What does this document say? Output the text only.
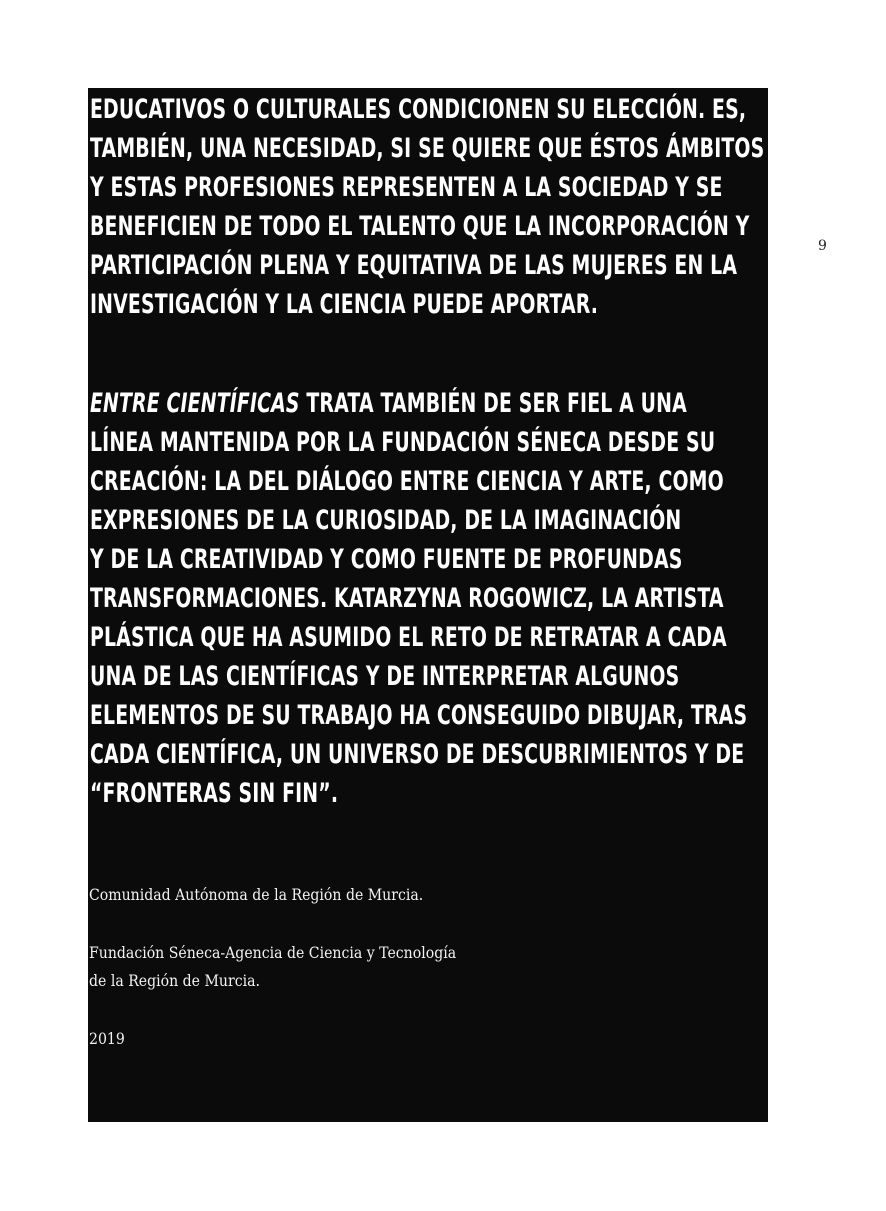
9
EDUCATIVOS O CULTURALES CONDICIONEN SU ELECCIÓN. ES,
TAMBIÉN, UNA NECESIDAD, SI SE QUIERE QUE ÉSTOS ÁMBITOS
Y ESTAS PROFESIONES REPRESENTEN A LA SOCIEDAD Y SE
BENEFICIEN DE TODO EL TALENTO QUE LA INCORPORACIÓN Y
PARTICIPACIÓN PLENA Y EQUITATIVA DE LAS MUJERES EN LA
INVESTIGACIÓN Y LA CIENCIA PUEDE APORTAR.
ENTRE CIENTÍFICAS TRATA TAMBIÉN DE SER FIEL A UNA
LÍNEA MANTENIDA POR LA FUNDACIÓN SÉNECA DESDE SU
CREACIÓN: LA DEL DIÁLOGO ENTRE CIENCIA Y ARTE, COMO
EXPRESIONES DE LA CURIOSIDAD, DE LA IMAGINACIÓN
Y DE LA CREATIVIDAD Y COMO FUENTE DE PROFUNDAS
TRANSFORMACIONES. KATARZYNA ROGOWICZ, LA ARTISTA
PLÁSTICA QUE HA ASUMIDO EL RETO DE RETRATAR A CADA
UNA DE LAS CIENTÍFICAS Y DE INTERPRETAR ALGUNOS
ELEMENTOS DE SU TRABAJO HA CONSEGUIDO DIBUJAR, TRAS
CADA CIENTÍFICA, UN UNIVERSO DE DESCUBRIMIENTOS Y DE
“FRONTERAS SIN FIN”.
Comunidad Autónoma de la Región de Murcia.
Fundación Séneca-Agencia de Ciencia y Tecnología
de la Región de Murcia.
2019
